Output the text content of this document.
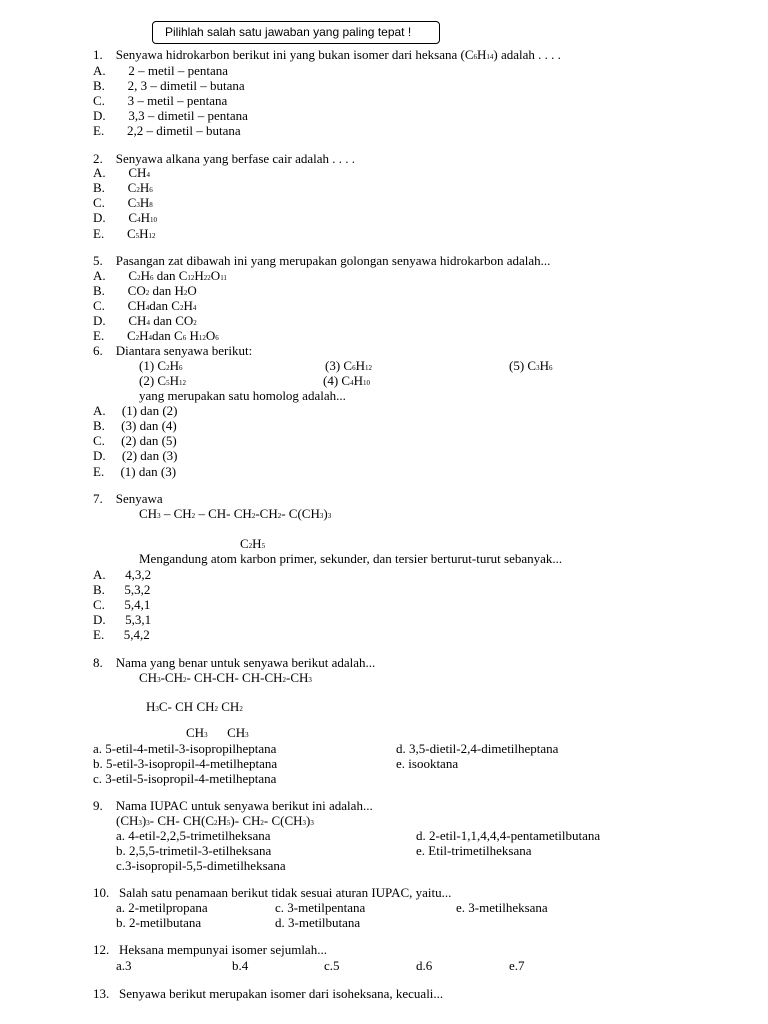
Pilihlah salah satu jawaban yang paling tepat !
1. Senyawa hidrokarbon berikut ini yang bukan isomer dari heksana (C6H14) adalah . . . .
A. 2 – metil – pentana
B. 2, 3 – dimetil – butana
C. 3 – metil – pentana
D. 3,3 – dimetil – pentana
E. 2,2 – dimetil – butana
2. Senyawa alkana yang berfase cair adalah . . . .
A. CH4
B. C2H6
C. C3H8
D. C4H10
E. C5H12
5. Pasangan zat dibawah ini yang merupakan golongan senyawa hidrokarbon adalah...
A. C2H6 dan C12H22O11
B. CO2 dan H2O
C. CH4dan C2H4
D. CH4 dan CO2
E. C2H4dan C6 H12O6
6. Diantara senyawa berikut:
(1) C2H6	(3) C6H12	(5) C3H6
(2) C5H12	(4) C4H10
yang merupakan satu homolog adalah...
A. (1) dan (2)
B. (3) dan (4)
C. (2) dan (5)
D. (2) dan (3)
E. (1) dan (3)
7. Senyawa
CH3 – CH2 – CH- CH2-CH2- C(CH3)3
C2H5
Mengandung atom karbon primer, sekunder, dan tersier berturut-turut sebanyak...
A. 4,3,2
B. 5,3,2
C. 5,4,1
D. 5,3,1
E. 5,4,2
8. Nama yang benar untuk senyawa berikut adalah...
CH3-CH2- CH-CH- CH-CH2-CH3
H3C- CH CH2 CH2
CH3 CH3
a. 5-etil-4-metil-3-isopropilheptana	d. 3,5-dietil-2,4-dimetilheptana
b. 5-etil-3-isopropil-4-metilheptana	e. isooktana
c. 3-etil-5-isopropil-4-metilheptana
9. Nama IUPAC untuk senyawa berikut ini adalah...
(CH3)3- CH- CH(C2H5)- CH2- C(CH3)3
a. 4-etil-2,2,5-trimetilheksana	d. 2-etil-1,1,4,4,4-pentametilbutana
b. 2,5,5-trimetil-3-etilheksana	e. Etil-trimetilheksana
c.3-isopropil-5,5-dimetilheksana
10. Salah satu penamaan berikut tidak sesuai aturan IUPAC, yaitu...
a. 2-metilpropana	c. 3-metilpentana	e. 3-metilheksana
b. 2-metilbutana	d. 3-metilbutana
12. Heksana mempunyai isomer sejumlah...
a.3	b.4	c.5	d.6	e.7
13. Senyawa berikut merupakan isomer dari isoheksana, kecuali...
